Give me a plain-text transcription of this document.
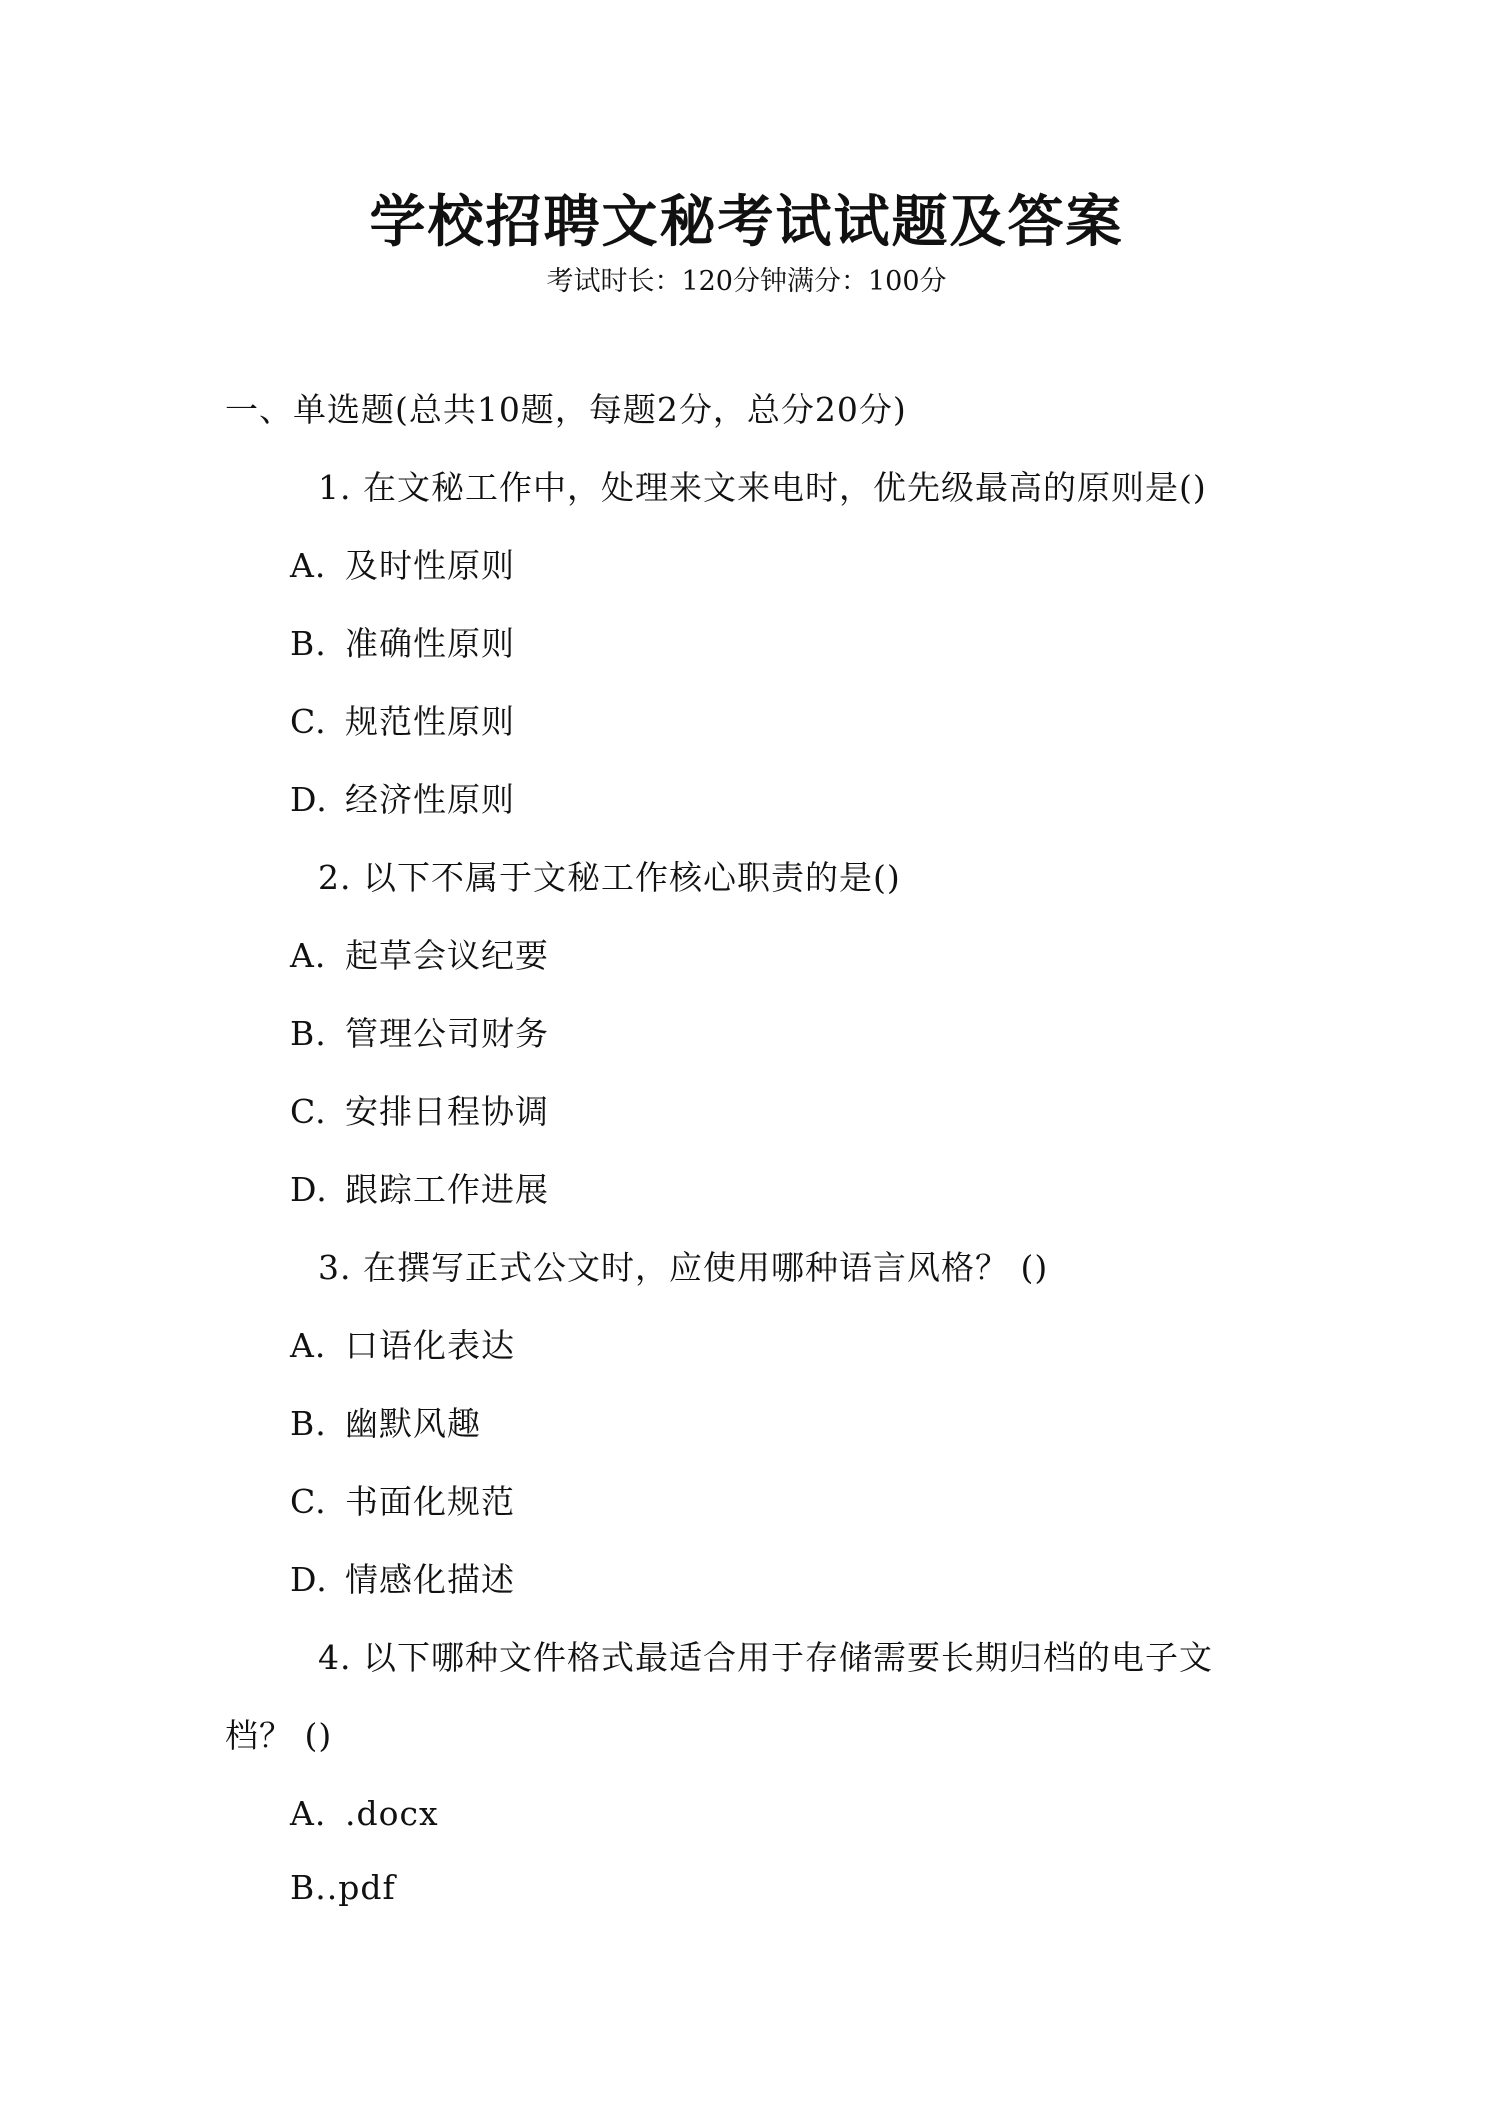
学校招聘文秘考试试题及答案
考试时长：120分钟满分：100分
一、单选题(总共10题，每题2分，总分20分)
1. 在文秘工作中，处理来文来电时，优先级最高的原则是()
A. 及时性原则
B. 准确性原则
C. 规范性原则
D. 经济性原则
2. 以下不属于文秘工作核心职责的是()
A. 起草会议纪要
B. 管理公司财务
C. 安排日程协调
D. 跟踪工作进展
3. 在撰写正式公文时，应使用哪种语言风格？ ()
A. 口语化表达
B. 幽默风趣
C. 书面化规范
D. 情感化描述
4. 以下哪种文件格式最适合用于存储需要长期归档的电子文
档？ ()
A. .docx
B..pdf
